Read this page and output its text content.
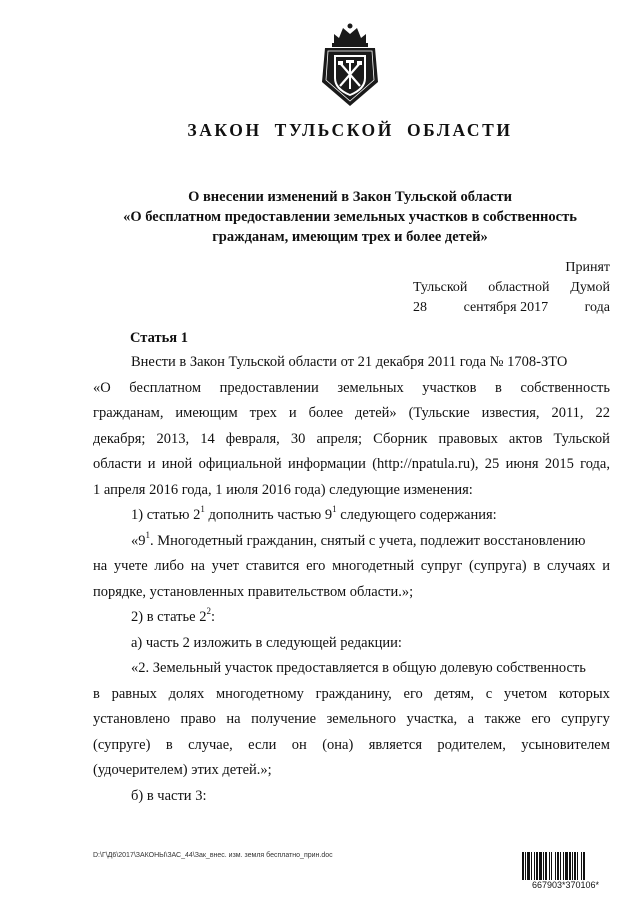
ЗАКОН ТУЛЬСКОЙ ОБЛАСТИ
О внесении изменений в Закон Тульской области
«О бесплатном предоставлении земельных участков в собственность
гражданам, имеющим трех и более детей»
Принят
Тульской областной Думой
28	сентября 2017	года
Статья 1
Внести в Закон Тульской области от 21 декабря 2011 года № 1708-ЗТО
«О бесплатном предоставлении земельных участков в собственность
гражданам, имеющим трех и более детей» (Тульские известия, 2011, 22
декабря; 2013, 14 февраля, 30 апреля; Сборник правовых актов Тульской
области и иной официальной информации (http://npatula.ru), 25 июня 2015 года,
1 апреля 2016 года, 1 июля 2016 года) следующие изменения:
1) статью $2^1$ дополнить частью $9^1$ следующего содержания:
«$9^1$. Многодетный гражданин, снятый с учета, подлежит восстановлению
на учете либо на учет ставится его многодетный супруг (супруга) в случаях и
порядке, установленных правительством области.»;
2) в статье $2^2$:
а) часть 2 изложить в следующей редакции:
«2. Земельный участок предоставляется в общую долевую собственность
в равных долях многодетному гражданину, его детям, с учетом которых
установлено право на получение земельного участка, а также его супругу
(супруге) в случае, если он (она) является родителем, усыновителем
(удочерителем) этих детей.»;
б) в части 3:
D:\Г\Д6\2017\ЗАКОНЫ\ЗАС_44\Зак_внес. изм. земля бесплатно_прин.doc
667903*370106*
